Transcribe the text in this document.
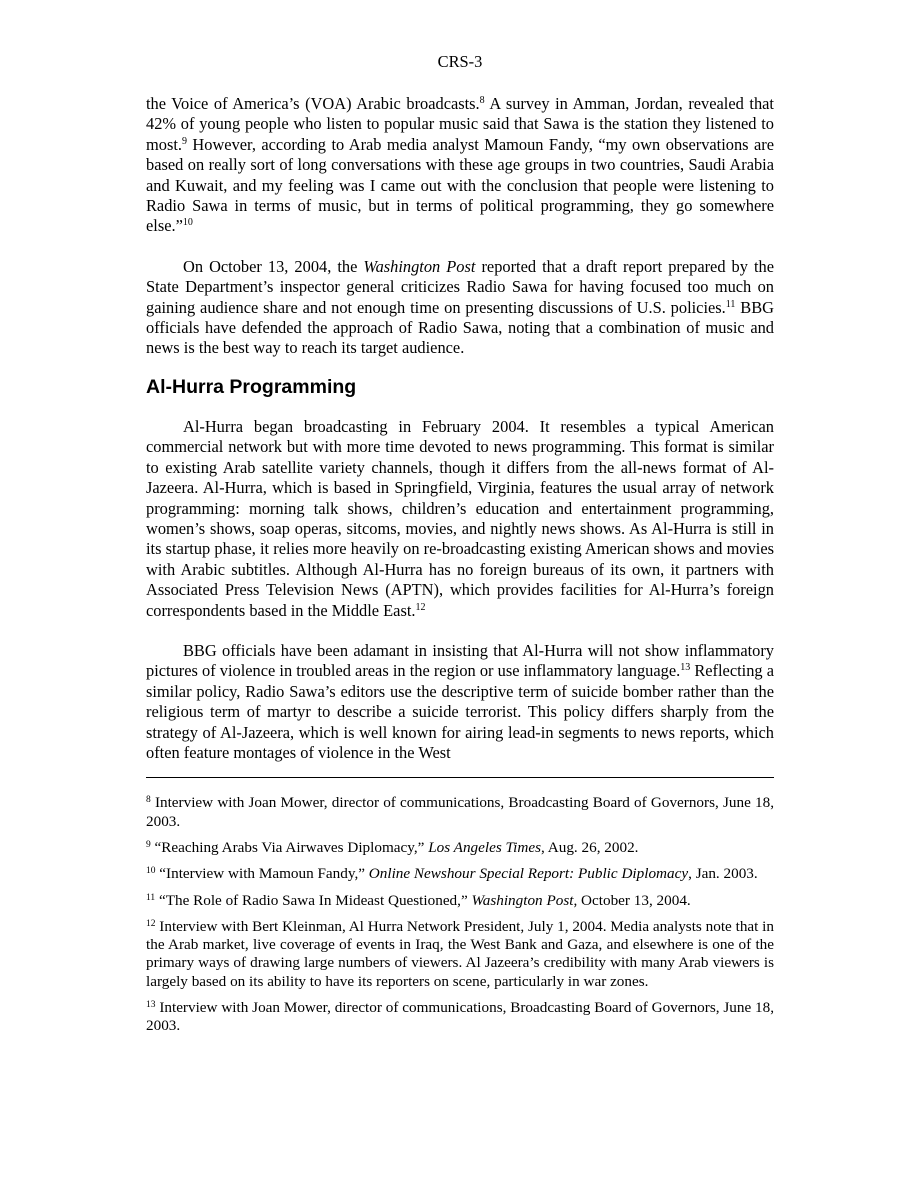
CRS-3

the Voice of America’s (VOA) Arabic broadcasts.$^8$ A survey in Amman, Jordan, revealed that 42% of young people who listen to popular music said that Sawa is the station they listened to most.$^9$ However, according to Arab media analyst Mamoun Fandy, “my own observations are based on really sort of long conversations with these age groups in two countries, Saudi Arabia and Kuwait, and my feeling was I came out with the conclusion that people were listening to Radio Sawa in terms of music, but in terms of political programming, they go somewhere else.”$^{10}$

On October 13, 2004, the Washington Post reported that a draft report prepared by the State Department’s inspector general criticizes Radio Sawa for having focused too much on gaining audience share and not enough time on presenting discussions of U.S. policies.$^{11}$ BBG officials have defended the approach of Radio Sawa, noting that a combination of music and news is the best way to reach its target audience.

Al-Hurra Programming

Al-Hurra began broadcasting in February 2004. It resembles a typical American commercial network but with more time devoted to news programming. This format is similar to existing Arab satellite variety channels, though it differs from the all-news format of Al-Jazeera. Al-Hurra, which is based in Springfield, Virginia, features the usual array of network programming: morning talk shows, children’s education and entertainment programming, women’s shows, soap operas, sitcoms, movies, and nightly news shows. As Al-Hurra is still in its startup phase, it relies more heavily on re-broadcasting existing American shows and movies with Arabic subtitles. Although Al-Hurra has no foreign bureaus of its own, it partners with Associated Press Television News (APTN), which provides facilities for Al-Hurra’s foreign correspondents based in the Middle East.$^{12}$

BBG officials have been adamant in insisting that Al-Hurra will not show inflammatory pictures of violence in troubled areas in the region or use inflammatory language.$^{13}$ Reflecting a similar policy, Radio Sawa’s editors use the descriptive term of suicide bomber rather than the religious term of martyr to describe a suicide terrorist. This policy differs sharply from the strategy of Al-Jazeera, which is well known for airing lead-in segments to news reports, which often feature montages of violence in the West

$^8$ Interview with Joan Mower, director of communications, Broadcasting Board of Governors, June 18, 2003.

$^9$ “Reaching Arabs Via Airwaves Diplomacy,” Los Angeles Times, Aug. 26, 2002.

$^{10}$ “Interview with Mamoun Fandy,” Online Newshour Special Report: Public Diplomacy, Jan. 2003.

$^{11}$ “The Role of Radio Sawa In Mideast Questioned,” Washington Post, October 13, 2004.

$^{12}$ Interview with Bert Kleinman, Al Hurra Network President, July 1, 2004. Media analysts note that in the Arab market, live coverage of events in Iraq, the West Bank and Gaza, and elsewhere is one of the primary ways of drawing large numbers of viewers. Al Jazeera’s credibility with many Arab viewers is largely based on its ability to have its reporters on scene, particularly in war zones.

$^{13}$ Interview with Joan Mower, director of communications, Broadcasting Board of Governors, June 18, 2003.
